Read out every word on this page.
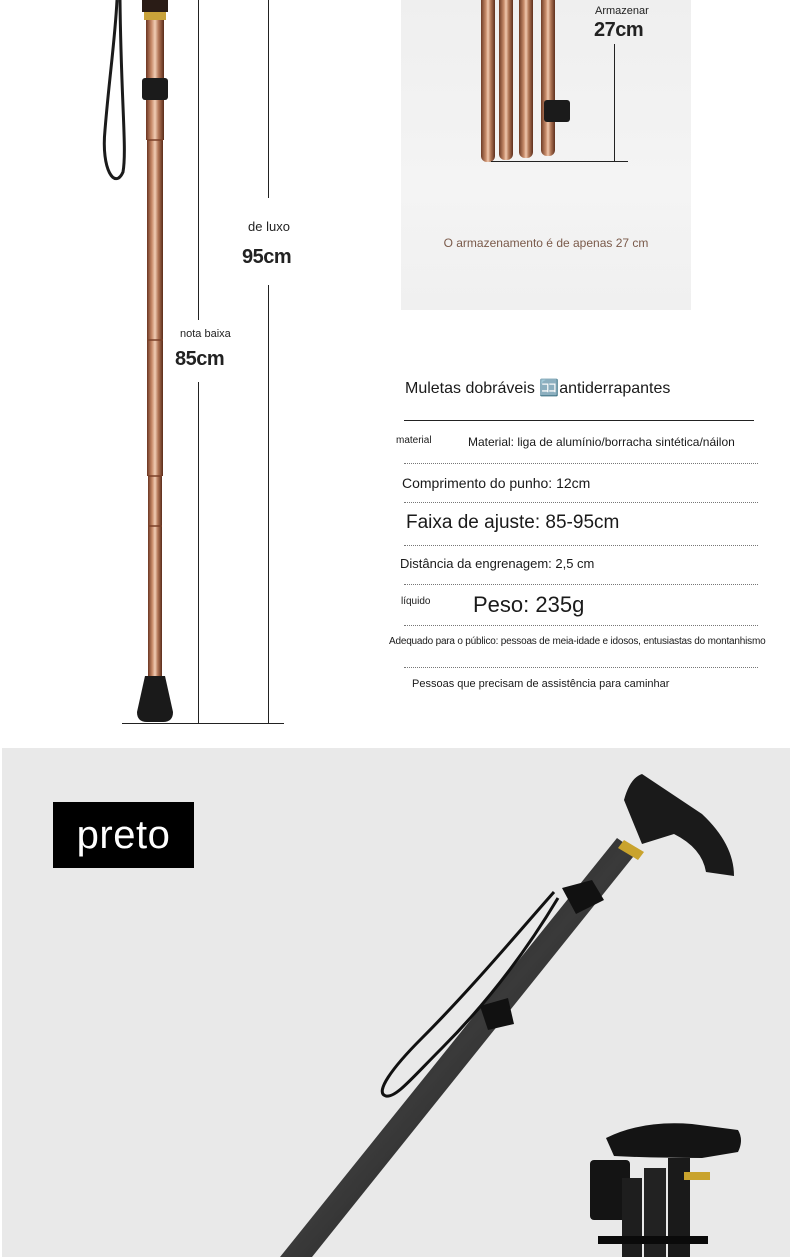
de luxo
95cm
nota baixa
85cm
Armazenar
27cm
O armazenamento é de apenas 27 cm
Muletas dobráveis 🈁antiderrapantes
material	Material: liga de alumínio/borracha sintética/náilon
Comprimento do punho: 12cm
Faixa de ajuste: 85-95cm
Distância da engrenagem: 2,5 cm
líquido Peso: 235g
Adequado para o público: pessoas de meia-idade e idosos, entusiastas do montanhismo
Pessoas que precisam de assistência para caminhar
preto
